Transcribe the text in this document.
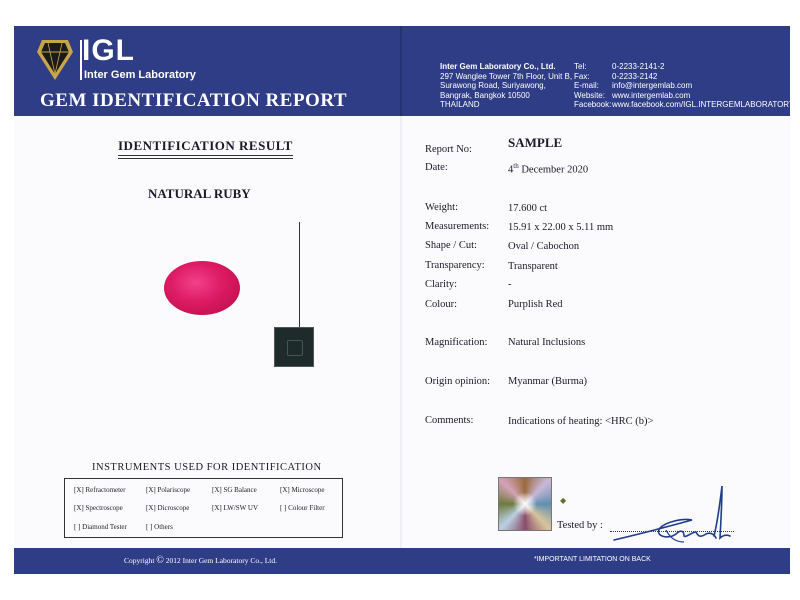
IGL
Inter Gem Laboratory
GEM IDENTIFICATION REPORT
Inter Gem Laboratory Co., Ltd.
297 Wanglee Tower 7th Floor, Unit B,
Surawong Road, Suriyawong,
Bangrak, Bangkok 10500
THAILAND
Tel:	0-2233-2141-2
Fax:	0-2233-2142
E-mail:	info@intergemlab.com
Website: www.intergemlab.com
Facebook: www.facebook.com/IGL.INTERGEMLABORATORY
IDENTIFICATION RESULT
NATURAL RUBY
INSTRUMENTS USED FOR IDENTIFICATION
[X] Refractometer	[X] Polariscope	[X] SG Balance	[X] Microscope
[X] Spectroscope	[X] Dicroscope	[X] LW/SW UV	[ ] Colour Filter
[ ] Diamond Tester	[ ] Others
Report No:	SAMPLE
Date:	4th December 2020
Weight:	17.600 ct
Measurements: 15.91 x 22.00 x 5.11 mm
Shape / Cut:	Oval / Cabochon
Transparency: Transparent
Clarity:	-
Colour:	Purplish Red
Magnification: Natural Inclusions
Origin opinion: Myanmar (Burma)
Comments:	Indications of heating: <HRC (b)>
◆
Tested by :
Copyright © 2012 Inter Gem Laboratory Co., Ltd.	*IMPORTANT LIMITATION ON BACK
